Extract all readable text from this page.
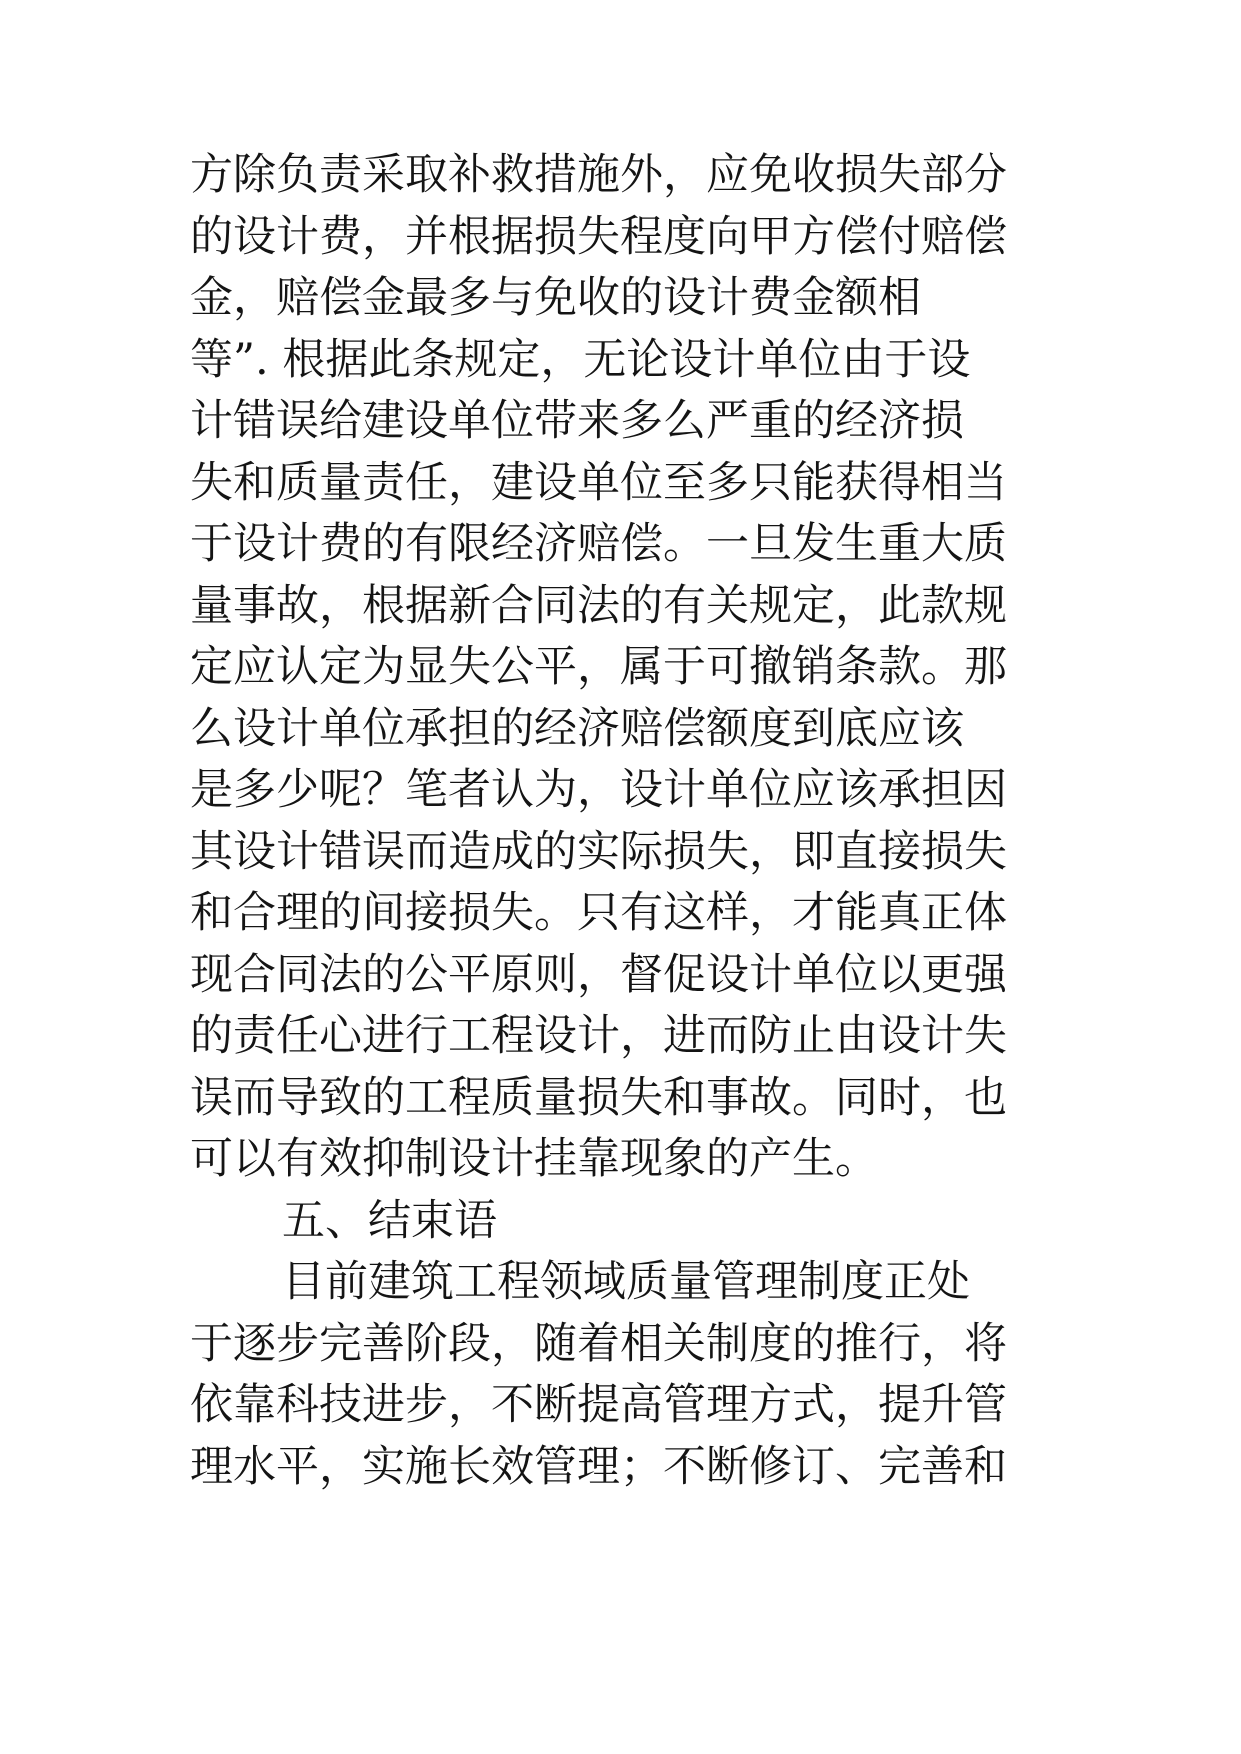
方除负责采取补救措施外，应免收损失部分
的设计费，并根据损失程度向甲方偿付赔偿
金，赔偿金最多与免收的设计费金额相
等”. 根据此条规定，无论设计单位由于设
计错误给建设单位带来多么严重的经济损
失和质量责任，建设单位至多只能获得相当
于设计费的有限经济赔偿。一旦发生重大质
量事故，根据新合同法的有关规定，此款规
定应认定为显失公平，属于可撤销条款。那
么设计单位承担的经济赔偿额度到底应该
是多少呢？笔者认为，设计单位应该承担因
其设计错误而造成的实际损失，即直接损失
和合理的间接损失。只有这样，才能真正体
现合同法的公平原则，督促设计单位以更强
的责任心进行工程设计，进而防止由设计失
误而导致的工程质量损失和事故。同时，也
可以有效抑制设计挂靠现象的产生。
五、结束语
目前建筑工程领域质量管理制度正处
于逐步完善阶段，随着相关制度的推行，将
依靠科技进步，不断提高管理方式，提升管
理水平，实施长效管理；不断修订、完善和
